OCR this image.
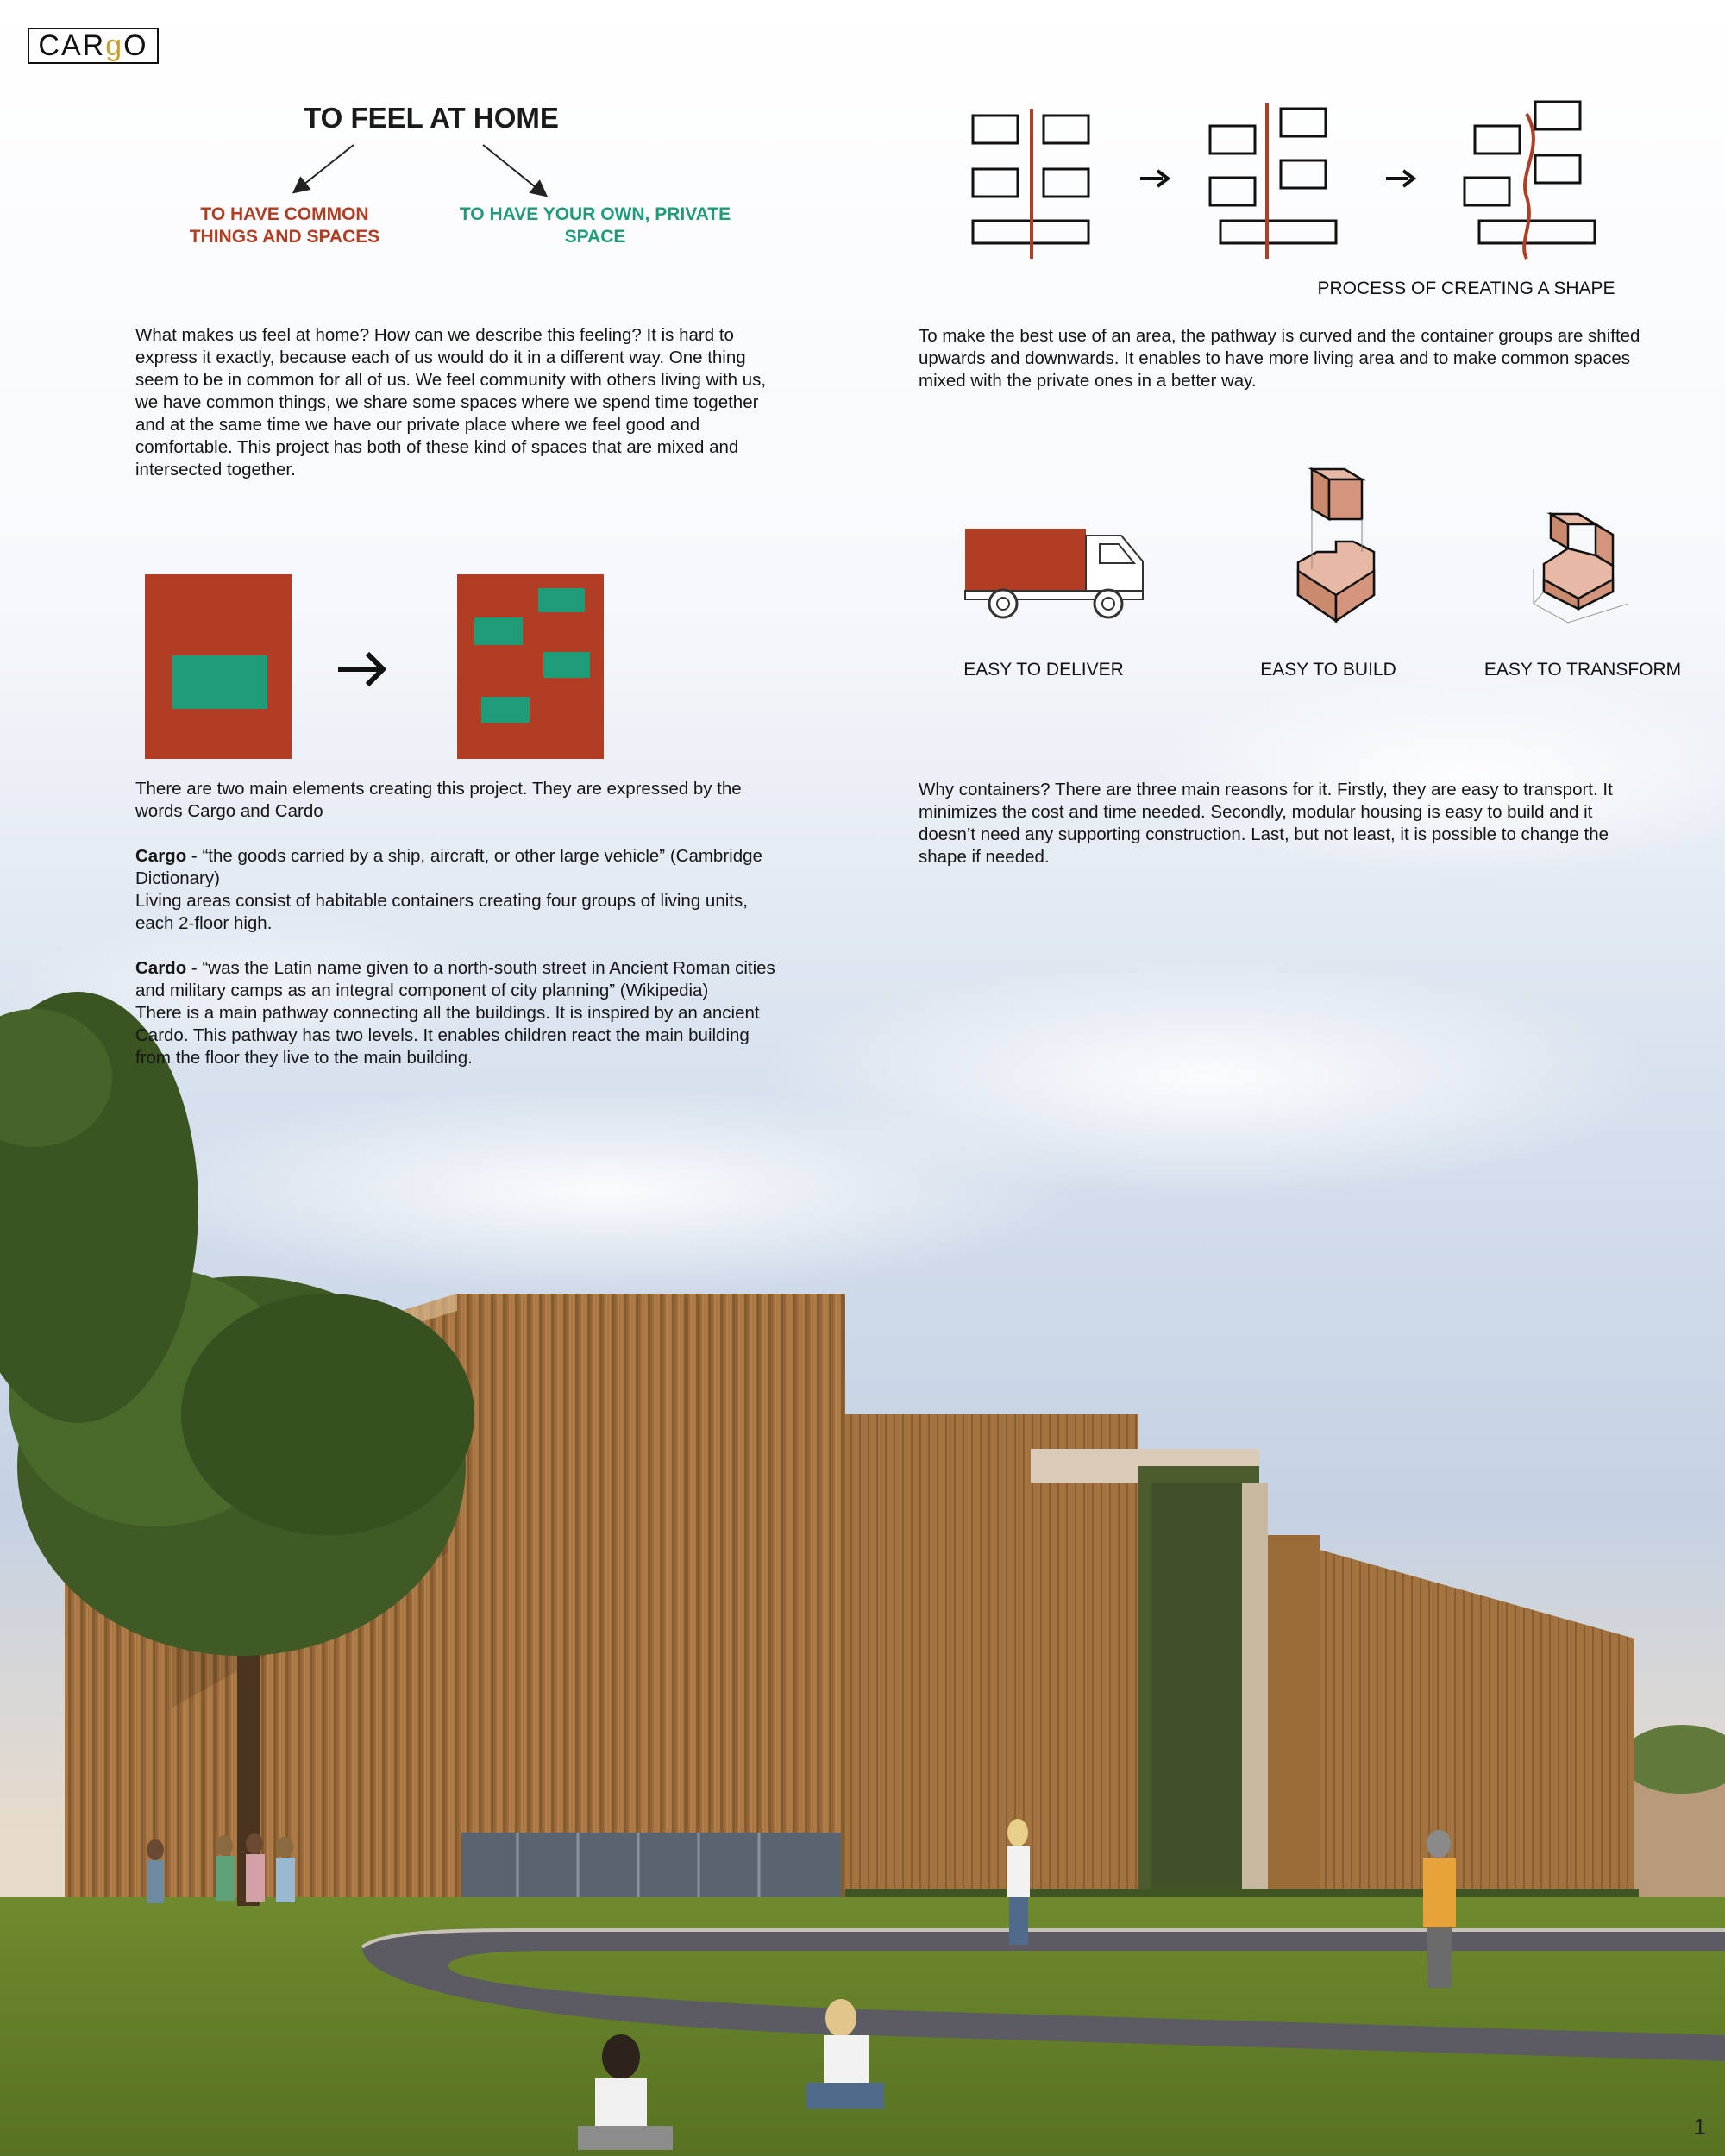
CAR g O
TO FEEL AT HOME
TO HAVE COMMON THINGS AND SPACES
TO HAVE YOUR OWN, PRIVATE SPACE
What makes us feel at home? How can we describe this feeling? It is hard to express it exactly, because each of us would do it in a different way. One thing seem to be in common for all of us. We feel community with others living with us, we have common things, we share some spaces where we spend time together and at the same time we have our private place where we feel good and comfortable. This project has both of these kind of spaces that are mixed and intersected together.
PROCESS OF CREATING A SHAPE
To make the best use of an area, the pathway is curved and the container groups are shifted upwards and downwards. It enables to have more living area and to make common spaces mixed with the private ones in a better way.

There are two main elements creating this project. They are expressed by the words Cargo and Cardo

Cargo - “the goods carried by a ship, aircraft, or other large vehicle” (Cambridge Dictionary)
Living areas consist of habitable containers creating four groups of living units, each 2-floor high.

Cardo - “was the Latin name given to a north-south street in Ancient Roman cities and military camps as an integral component of city planning” (Wikipedia)
There is a main pathway connecting all the buildings. It is inspired by an ancient Cardo. This pathway has two levels. It enables children react the main building from the floor they live to the main building.

EASY TO DELIVER	EASY TO BUILD	EASY TO TRANSFORM
Why containers? There are three main reasons for it. Firstly, they are easy to transport. It minimizes the cost and time needed. Secondly, modular housing is easy to build and it doesn’t need any supporting construction. Last, but not least, it is possible to change the shape if needed.
1
